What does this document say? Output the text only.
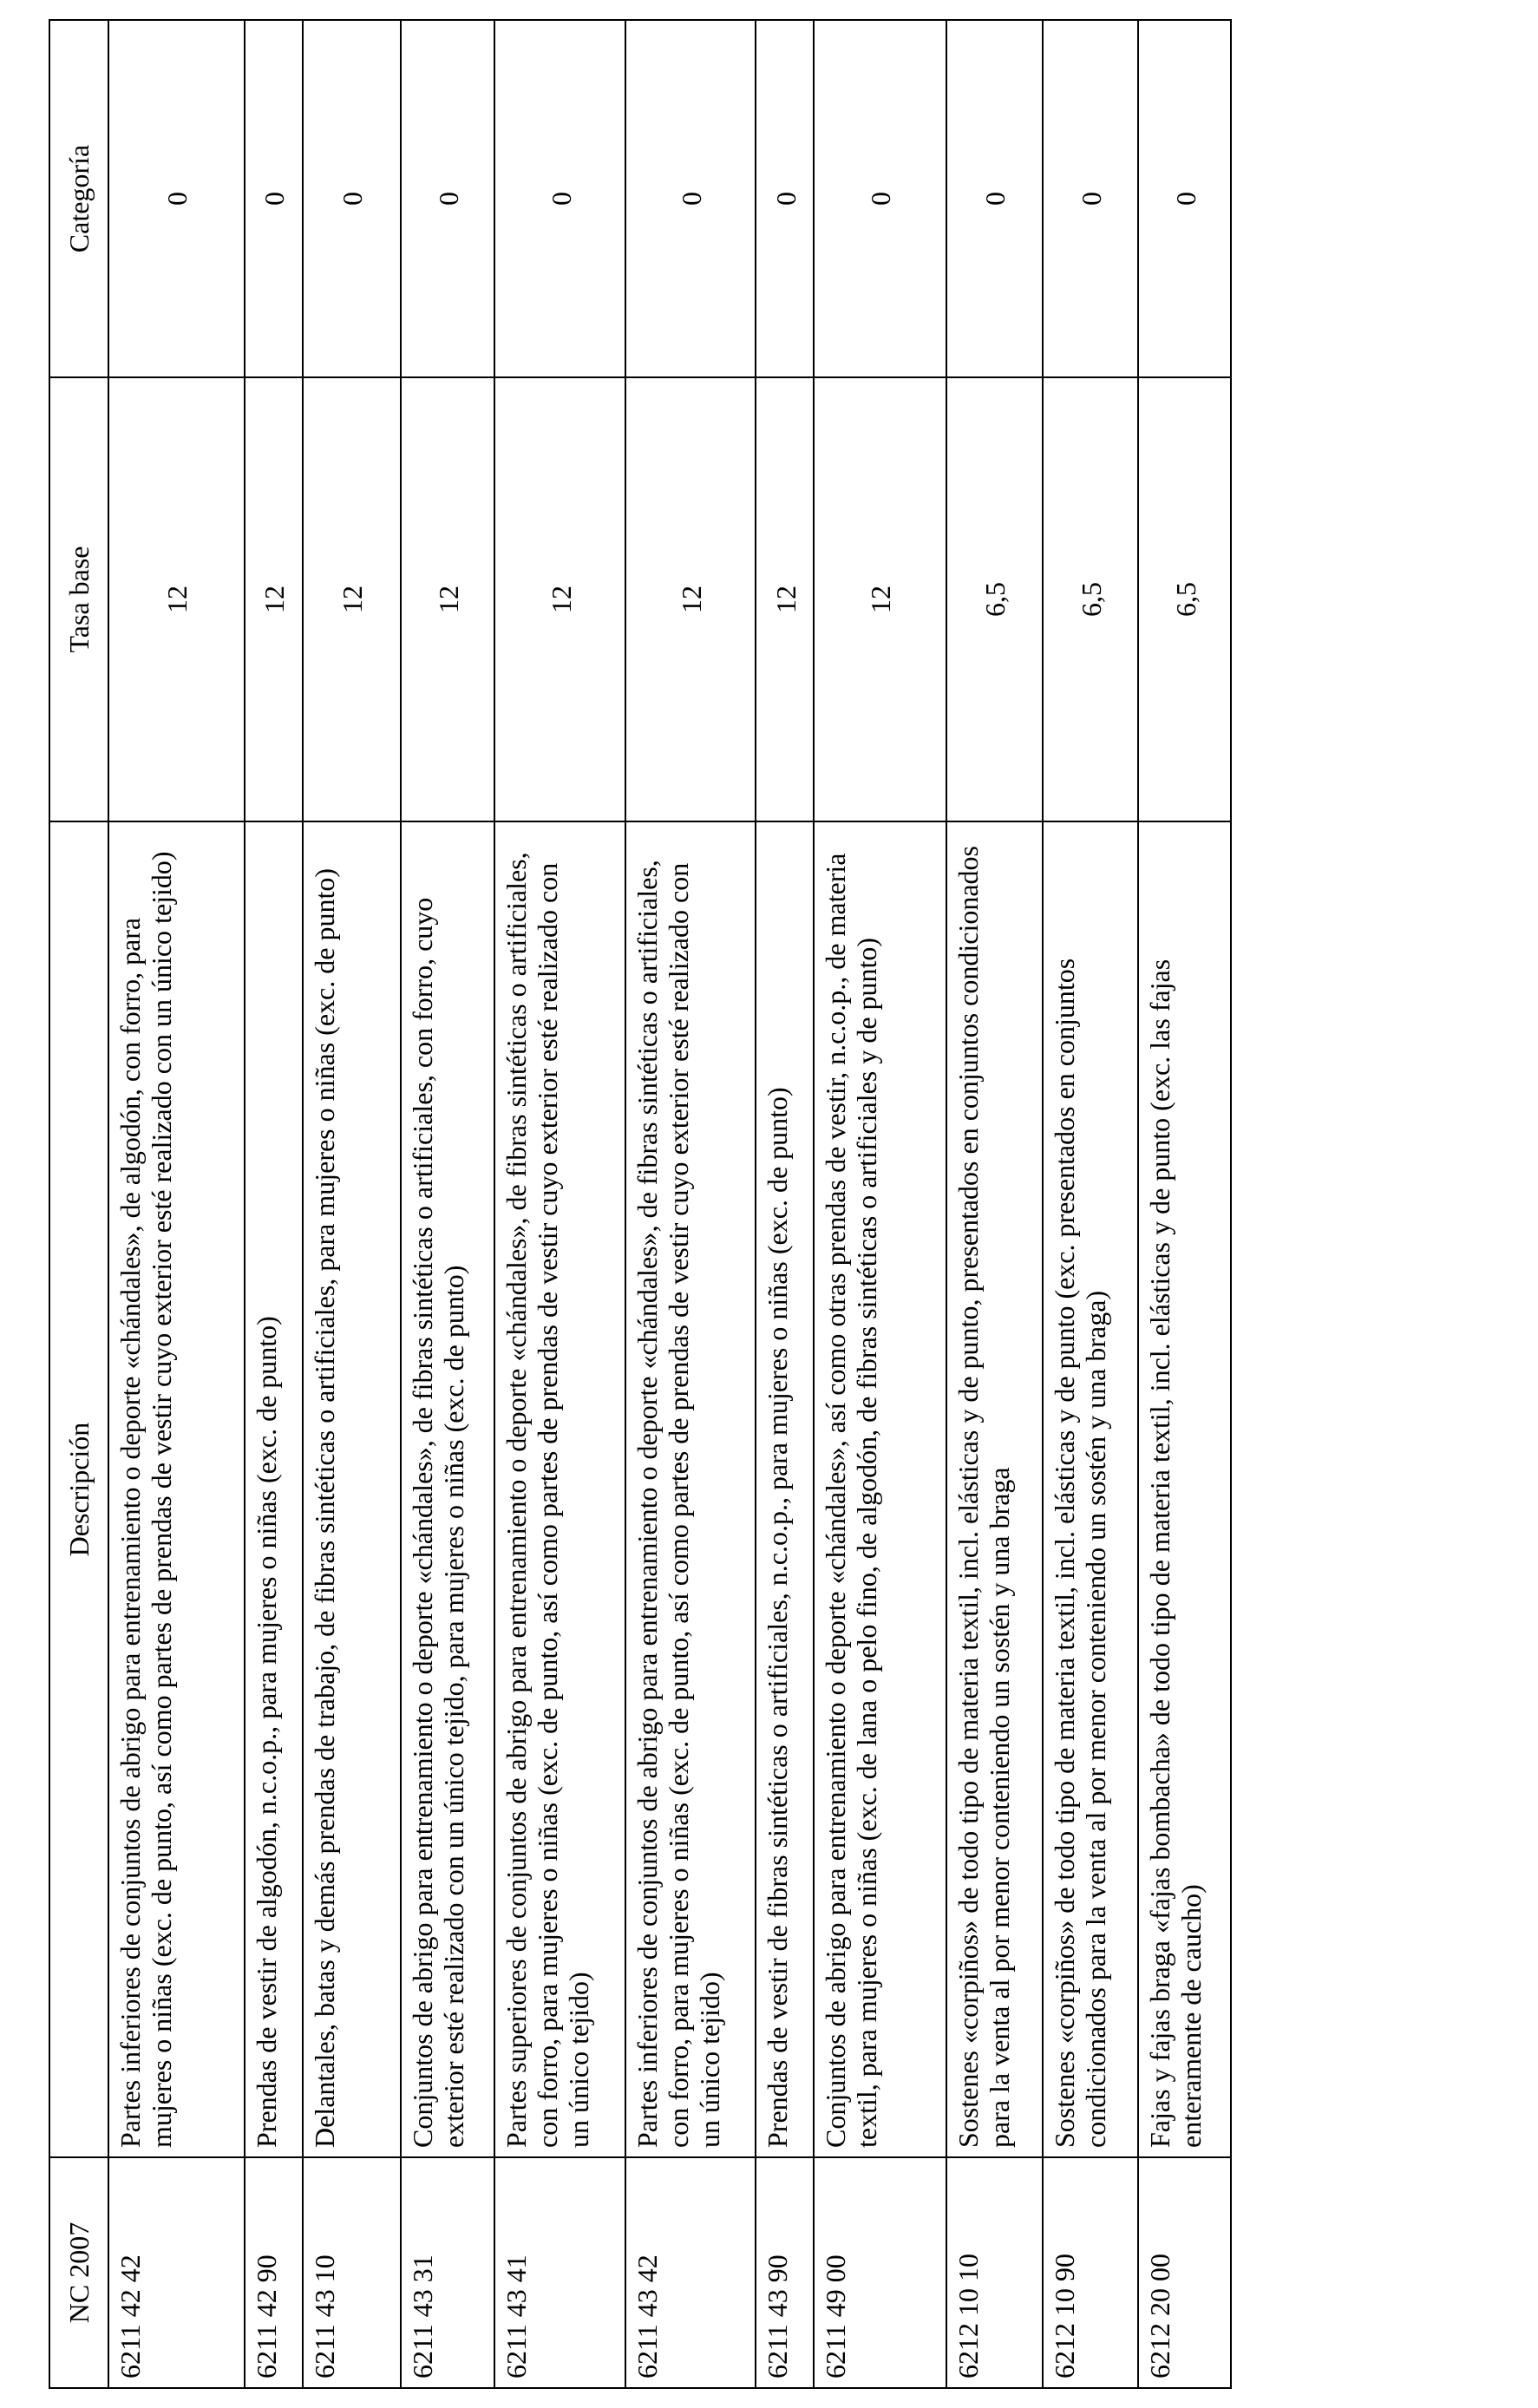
NC 2007	Descripción	Tasa base	Categoría
6211 42 42	Partes inferiores de conjuntos de abrigo para entrenamiento o deporte «chándales», de algodón, con forro, para mujeres o niñas (exc. de punto, así como partes de prendas de vestir cuyo exterior esté realizado con un único tejido)	12	0
6211 42 90	Prendas de vestir de algodón, n.c.o.p., para mujeres o niñas (exc. de punto)	12	0
6211 43 10	Delantales, batas y demás prendas de trabajo, de fibras sintéticas o artificiales, para mujeres o niñas (exc. de punto)	12	0
6211 43 31	Conjuntos de abrigo para entrenamiento o deporte «chándales», de fibras sintéticas o artificiales, con forro, cuyo exterior esté realizado con un único tejido, para mujeres o niñas (exc. de punto)	12	0
6211 43 41	Partes superiores de conjuntos de abrigo para entrenamiento o deporte «chándales», de fibras sintéticas o artificiales, con forro, para mujeres o niñas (exc. de punto, así como partes de prendas de vestir cuyo exterior esté realizado con un único tejido)	12	0
6211 43 42	Partes inferiores de conjuntos de abrigo para entrenamiento o deporte «chándales», de fibras sintéticas o artificiales, con forro, para mujeres o niñas (exc. de punto, así como partes de prendas de vestir cuyo exterior esté realizado con un único tejido)	12	0
6211 43 90	Prendas de vestir de fibras sintéticas o artificiales, n.c.o.p., para mujeres o niñas (exc. de punto)	12	0
6211 49 00	Conjuntos de abrigo para entrenamiento o deporte «chándales», así como otras prendas de vestir, n.c.o.p., de materia textil, para mujeres o niñas (exc. de lana o pelo fino, de algodón, de fibras sintéticas o artificiales y de punto)	12	0
6212 10 10	Sostenes «corpiños» de todo tipo de materia textil, incl. elásticas y de punto, presentados en conjuntos condicionados para la venta al por menor conteniendo un sostén y una braga	6,5	0
6212 10 90	Sostenes «corpiños» de todo tipo de materia textil, incl. elásticas y de punto (exc. presentados en conjuntos condicionados para la venta al por menor conteniendo un sostén y una braga)	6,5	0
6212 20 00	Fajas y fajas braga «fajas bombacha» de todo tipo de materia textil, incl. elásticas y de punto (exc. las fajas enteramente de caucho)	6,5	0
